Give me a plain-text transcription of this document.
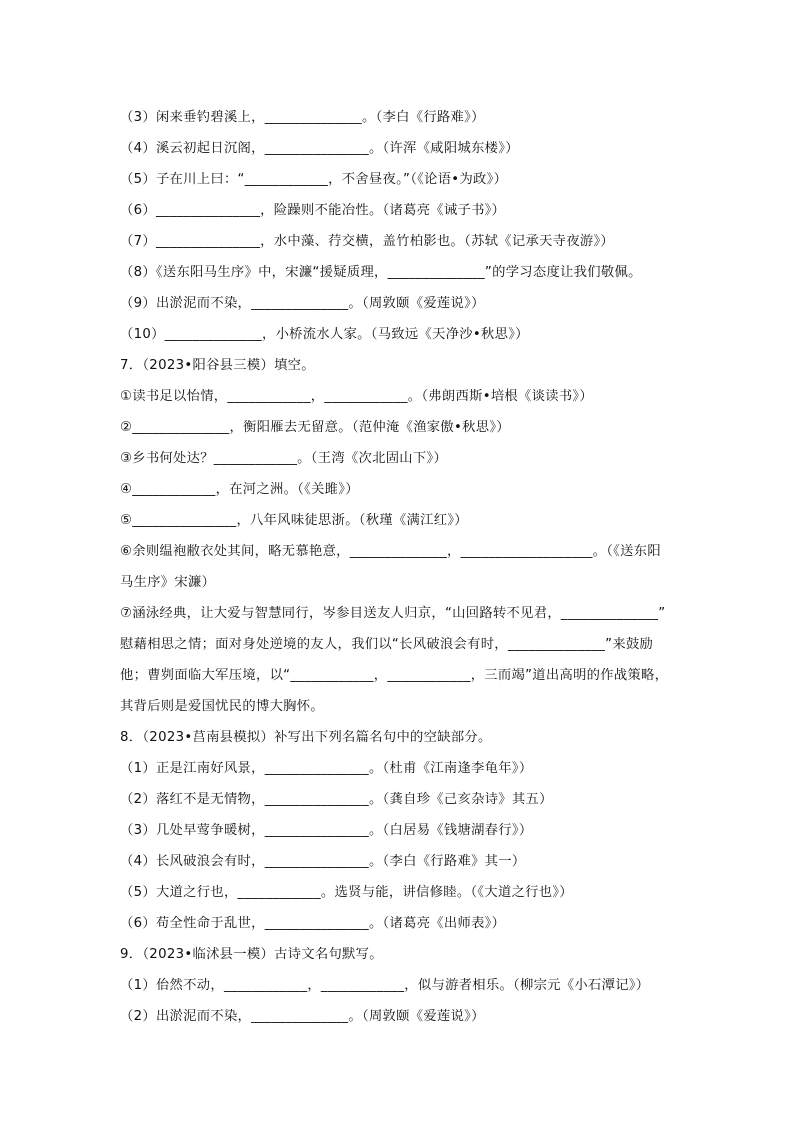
（3）闲来垂钓碧溪上，______________。（李白《行路难》）
（4）溪云初起日沉阁，_______________。（许浑《咸阳城东楼》）
（5）子在川上曰：“____________，不舍昼夜。”（《论语•为政》）
（6）_______________，险躁则不能冶性。（诸葛亮《诫子书》）
（7）_______________，水中藻、荇交横，盖竹柏影也。（苏轼《记承天寺夜游》）
（8）《送东阳马生序》中，宋濂“援疑质理，______________”的学习态度让我们敬佩。
（9）出淤泥而不染，______________。（周敦颐《爱莲说》）
（10）______________，小桥流水人家。（马致远《天净沙•秋思》）
7．（2023•阳谷县三模）填空。
①读书足以怡情，____________，____________。（弗朗西斯•培根《谈读书》）
②______________，衡阳雁去无留意。（范仲淹《渔家傲•秋思》）
③乡书何处达？____________。（王湾《次北固山下》）
④____________，在河之洲。（《关雎》）
⑤_______________，八年风味徒思浙。（秋瑾《满江红》）
⑥余则缊袍敝衣处其间，略无慕艳意，______________，___________________。（《送东阳
马生序》宋濂）
⑦涵泳经典，让大爱与智慧同行，岑参目送友人归京，“山回路转不见君，______________”
慰藉相思之情；面对身处逆境的友人，我们以“长风破浪会有时，______________”来鼓励
他；曹刿面临大军压境，以“____________，____________，三而竭”道出高明的作战策略，
其背后则是爱国忧民的博大胸怀。
8．（2023•莒南县模拟）补写出下列名篇名句中的空缺部分。
（1）正是江南好风景，_______________。（杜甫《江南逢李龟年》）
（2）落红不是无情物，_______________。（龚自珍《己亥杂诗》其五）
（3）几处早莺争暖树，_______________。（白居易《钱塘湖春行》）
（4）长风破浪会有时，_______________。（李白《行路难》其一）
（5）大道之行也，____________。选贤与能，讲信修睦。（《大道之行也》）
（6）苟全性命于乱世，_______________。（诸葛亮《出师表》）
9．（2023•临沭县一模）古诗文名句默写。
（1）佁然不动，____________，____________，似与游者相乐。（柳宗元《小石潭记》）
（2）出淤泥而不染，______________。（周敦颐《爱莲说》）
